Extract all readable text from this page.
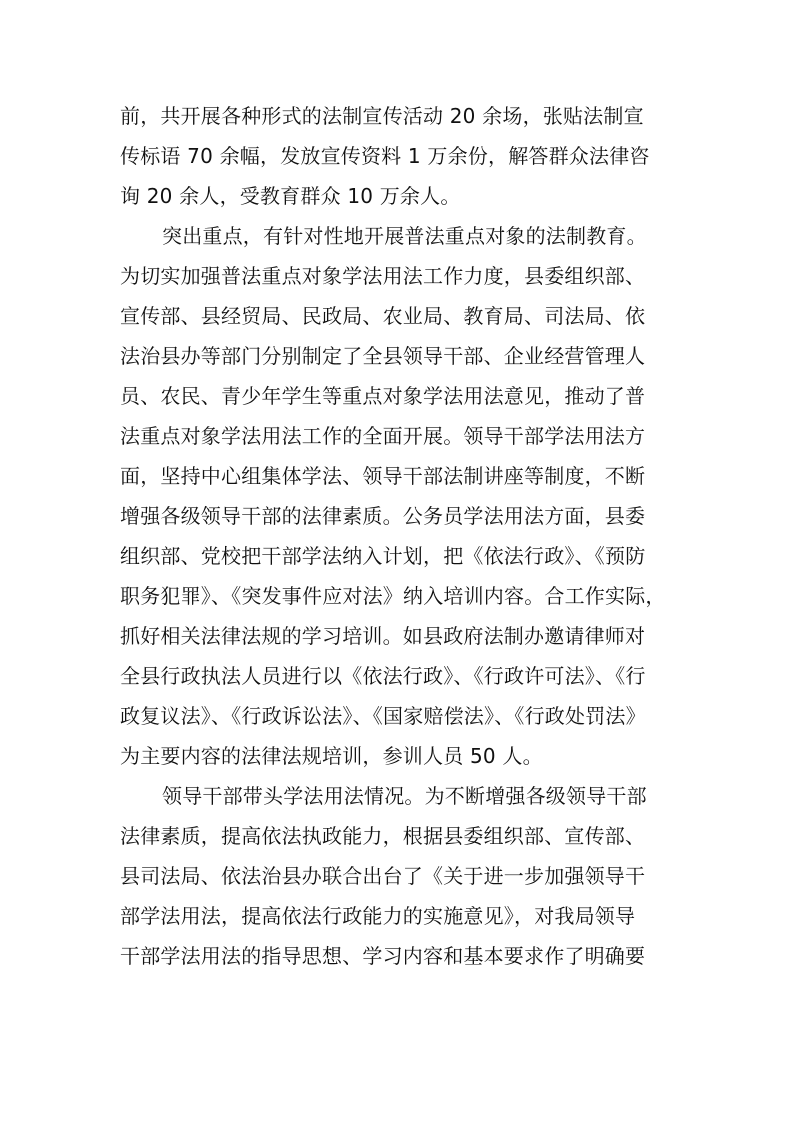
前，共开展各种形式的法制宣传活动 20 余场，张贴法制宣
传标语 70 余幅，发放宣传资料 1 万余份，解答群众法律咨
询 20 余人，受教育群众 10 万余人。
突出重点，有针对性地开展普法重点对象的法制教育。
为切实加强普法重点对象学法用法工作力度，县委组织部、
宣传部、县经贸局、民政局、农业局、教育局、司法局、依
法治县办等部门分别制定了全县领导干部、企业经营管理人
员、农民、青少年学生等重点对象学法用法意见，推动了普
法重点对象学法用法工作的全面开展。领导干部学法用法方
面，坚持中心组集体学法、领导干部法制讲座等制度，不断
增强各级领导干部的法律素质。公务员学法用法方面，县委
组织部、党校把干部学法纳入计划，把《依法行政》、《预防
职务犯罪》、《突发事件应对法》纳入培训内容。合工作实际，
抓好相关法律法规的学习培训。如县政府法制办邀请律师对
全县行政执法人员进行以《依法行政》、《行政许可法》、《行
政复议法》、《行政诉讼法》、《国家赔偿法》、《行政处罚法》
为主要内容的法律法规培训，参训人员 50 人。
领导干部带头学法用法情况。为不断增强各级领导干部
法律素质，提高依法执政能力，根据县委组织部、宣传部、
县司法局、依法治县办联合出台了《关于进一步加强领导干
部学法用法，提高依法行政能力的实施意见》，对我局领导
干部学法用法的指导思想、学习内容和基本要求作了明确要
